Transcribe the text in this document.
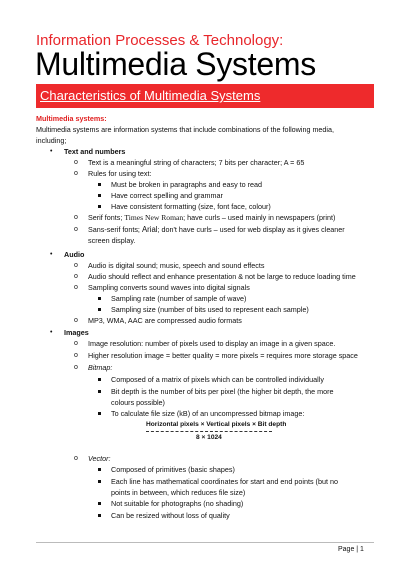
Information Processes & Technology:
Multimedia Systems
Characteristics of Multimedia Systems
Multimedia systems:
Multimedia systems are information systems that include combinations of the following media,
including;
• Text and numbers
o Text is a meaningful string of characters; 7 bits per character; A = 65
o Rules for using text:
Must be broken in paragraphs and easy to read
Have correct spelling and grammar
Have consistent formatting (size, font face, colour)
o Serif fonts; Times New Roman; have curls – used mainly in newspapers (print)
o Sans-serif fonts; Arial; don't have curls – used for web display as it gives cleaner
screen display.
• Audio
o Audio is digital sound; music, speech and sound effects
o Audio should reflect and enhance presentation & not be large to reduce loading time
o Sampling converts sound waves into digital signals
Sampling rate (number of sample of wave)
Sampling size (number of bits used to represent each sample)
o MP3, WMA, AAC are compressed audio formats
• Images
o Image resolution: number of pixels used to display an image in a given space.
o Higher resolution image = better quality = more pixels = requires more storage space
o Bitmap:
Composed of a matrix of pixels which can be controlled individually
Bit depth is the number of bits per pixel (the higher bit depth, the more
colours possible)
To calculate file size (kB) of an uncompressed bitmap image:
Horizontal pixels × Vertical pixels × Bit depth
8 × 1024
o Vector:
Composed of primitives (basic shapes)
Each line has mathematical coordinates for start and end points (but no
points in between, which reduces file size)
Not suitable for photographs (no shading)
Can be resized without loss of quality
Page | 1
